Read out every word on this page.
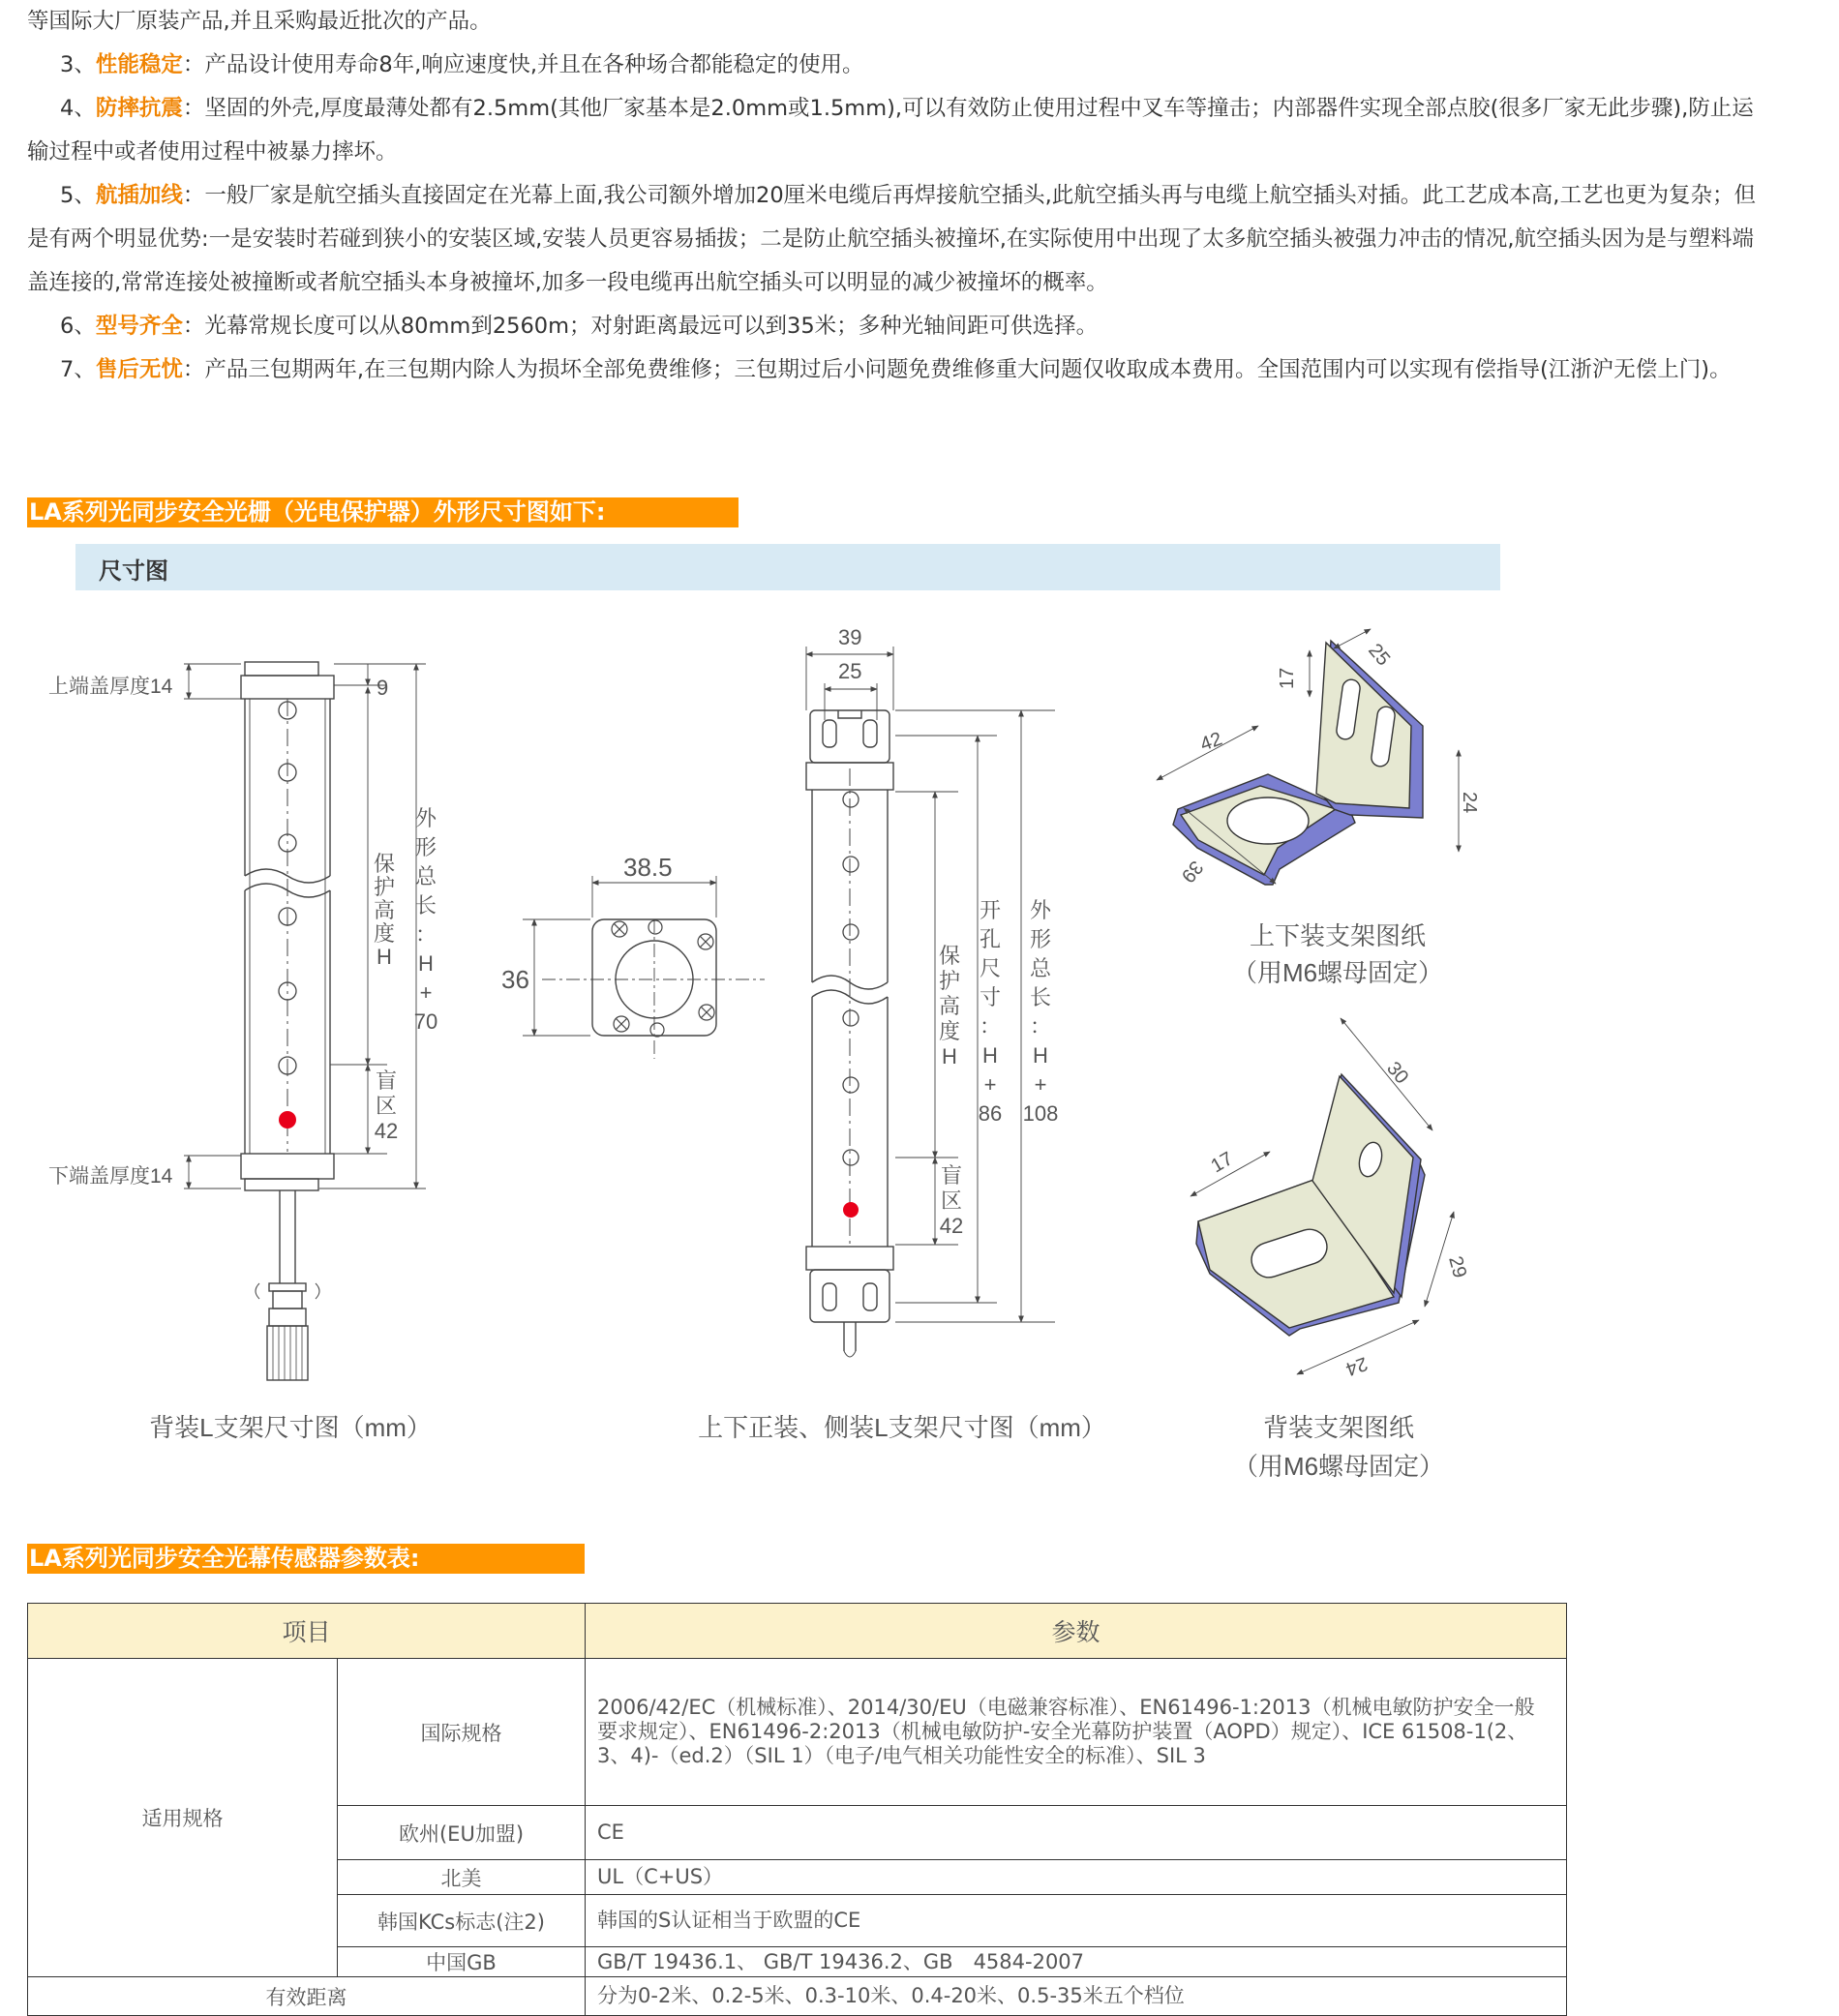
等国际大厂原装产品,并且采购最近批次的产品。

3、性能稳定：产品设计使用寿命8年,响应速度快,并且在各种场合都能稳定的使用。

4、防摔抗震：坚固的外壳,厚度最薄处都有2.5mm(其他厂家基本是2.0mm或1.5mm),可以有效防止使用过程中叉车等撞击；内部器件实现全部点胶(很多厂家无此步骤),防止运输过程中或者使用过程中被暴力摔坏。

5、航插加线：一般厂家是航空插头直接固定在光幕上面,我公司额外增加20厘米电缆后再焊接航空插头,此航空插头再与电缆上航空插头对插。此工艺成本高,工艺也更为复杂；但是有两个明显优势:一是安装时若碰到狭小的安装区域,安装人员更容易插拔；二是防止航空插头被撞坏,在实际使用中出现了太多航空插头被强力冲击的情况,航空插头因为是与塑料端盖连接的,常常连接处被撞断或者航空插头本身被撞坏,加多一段电缆再出航空插头可以明显的减少被撞坏的概率。

6、型号齐全：光幕常规长度可以从80mm到2560m；对射距离最远可以到35米；多种光轴间距可供选择。

7、售后无忧：产品三包期两年,在三包期内除人为损坏全部免费维修；三包期过后小问题免费维修重大问题仅收取成本费用。全国范围内可以实现有偿指导(江浙沪无偿上门)。

LA系列光同步安全光栅（光电保护器）外形尺寸图如下:
尺寸图
上端盖厚度14
下端盖厚度14
9
保
护
高
度
H
外
形
总
长
：
H
+
70
盲
区
42
38.5
36
39
25
开
孔
尺
寸
：
H
+
86
保
护
高
度
H
外
形
总
长
：
H
+
108
盲
区
42
42
25
17
24
39
17
30
29
24
背装L支架尺寸图（mm）	上下正装、侧装L支架尺寸图（mm）
上下装支架图纸
（用M6螺母固定）
背装支架图纸
（用M6螺母固定）
LA系列光同步安全光幕传感器参数表:
项目		参数
适用规格	国际规格	2006/42/EC（机械标准）、2014/30/EU（电磁兼容标准）、EN61496-1:2013（机械电敏防护安全一般要求规定）、EN61496-2:2013（机械电敏防护-安全光幕防护装置（AOPD）规定）、ICE 61508-1(2、3、4)-（ed.2）（SIL 1）（电子/电气相关功能性安全的标准）、SIL 3
	欧州(EU加盟)	CE
	北美	UL（C+US）
	韩国KCs标志(注2)	韩国的S认证相当于欧盟的CE
	中国GB	GB/T 19436.1、 GB/T 19436.2、GB　4584-2007
有效距离		分为0-2米、0.2-5米、0.3-10米、0.4-20米、0.5-35米五个档位
